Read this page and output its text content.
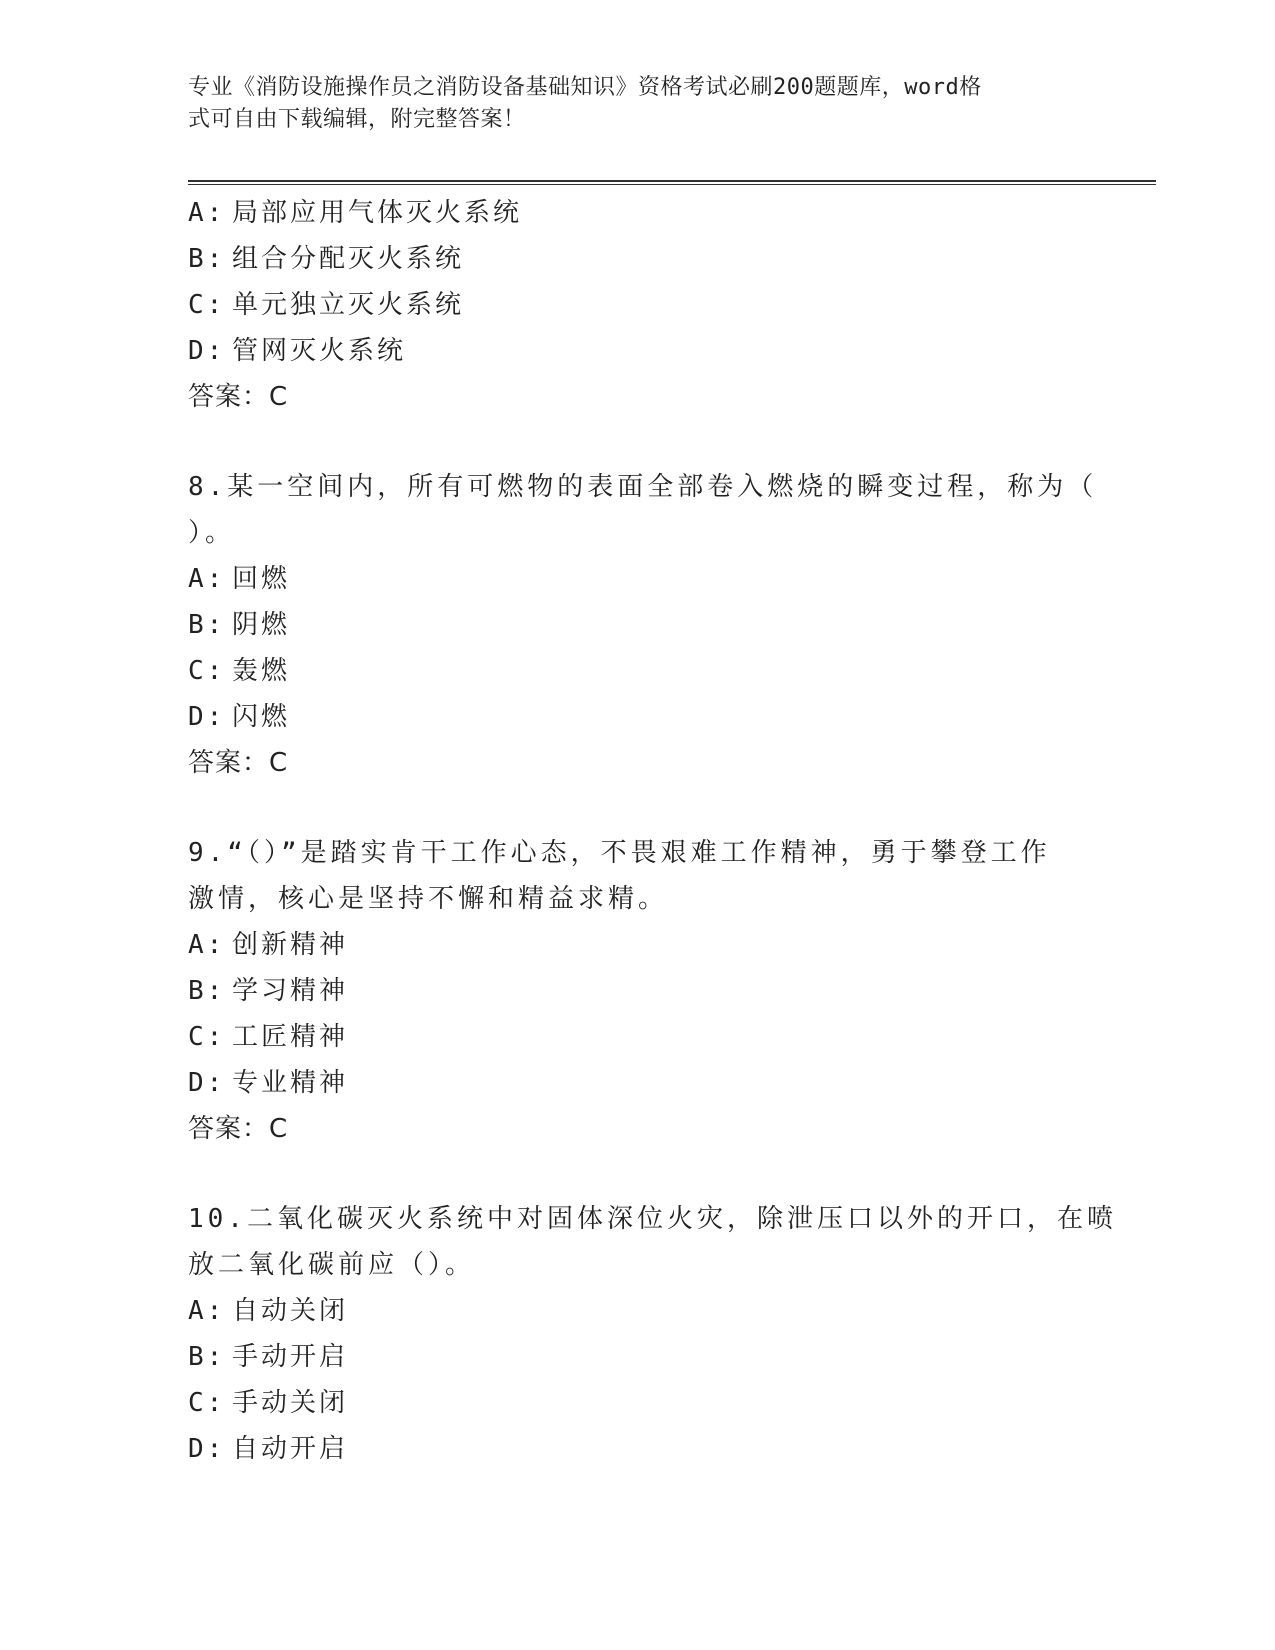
专业《消防设施操作员之消防设备基础知识》资格考试必刷200题题库，word格
式可自由下载编辑，附完整答案！
A: 局部应用气体灭火系统
B: 组合分配灭火系统
C: 单元独立灭火系统
D: 管网灭火系统
答案：C
8.某一空间内，所有可燃物的表面全部卷入燃烧的瞬变过程，称为（
）。
A: 回燃
B: 阴燃
C: 轰燃
D: 闪燃
答案：C
9.“（）”是踏实肯干工作心态，不畏艰难工作精神，勇于攀登工作
激情，核心是坚持不懈和精益求精。
A: 创新精神
B: 学习精神
C: 工匠精神
D: 专业精神
答案：C
10.二氧化碳灭火系统中对固体深位火灾，除泄压口以外的开口，在喷
放二氧化碳前应（）。
A: 自动关闭
B: 手动开启
C: 手动关闭
D: 自动开启
